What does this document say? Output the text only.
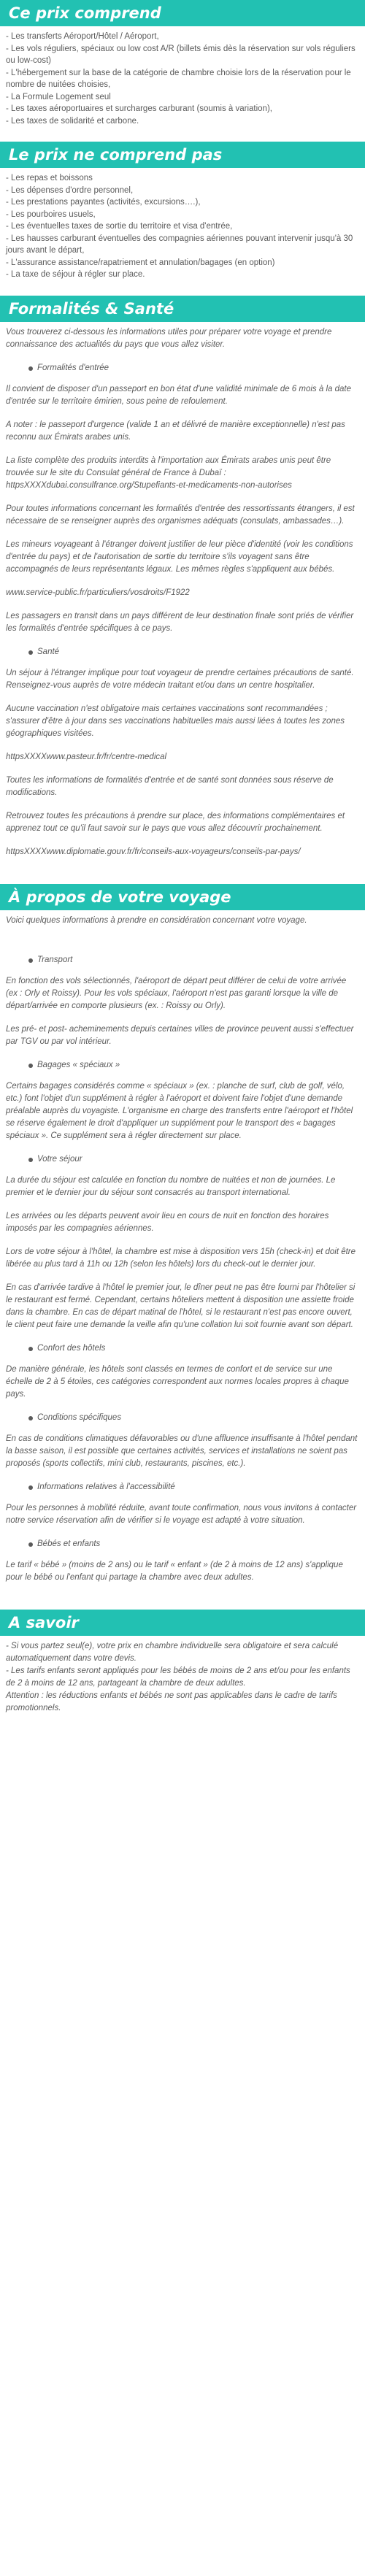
Ce prix comprend

- Les transferts Aéroport/Hôtel / Aéroport,

- Les vols réguliers, spéciaux ou low cost A/R (billets émis dès la réservation sur vols réguliers ou low-cost)

- L'hébergement sur la base de la catégorie de chambre choisie lors de la réservation pour le nombre de nuitées choisies,

- La Formule Logement seul

- Les taxes aéroportuaires et surcharges carburant (soumis à variation),

- Les taxes de solidarité et carbone.

Le prix ne comprend pas

- Les repas et boissons

- Les dépenses d'ordre personnel,

- Les prestations payantes (activités, excursions….),

- Les pourboires usuels,

- Les éventuelles taxes de sortie du territoire et visa d'entrée,

- Les hausses carburant éventuelles des compagnies aériennes pouvant intervenir jusqu'à 30 jours avant le départ,

- L'assurance assistance/rapatriement et annulation/bagages (en option)

- La taxe de séjour à régler sur place.

Formalités & Santé

Vous trouverez ci-dessous les informations utiles pour préparer votre voyage et prendre connaissance des actualités du pays que vous allez visiter.

Formalités d'entrée

Il convient de disposer d'un passeport en bon état d'une validité minimale de 6 mois à la date d'entrée sur le territoire émirien, sous peine de refoulement.

A noter : le passeport d'urgence (valide 1 an et délivré de manière exceptionnelle) n'est pas reconnu aux Émirats arabes unis.

La liste complète des produits interdits à l'importation aux Émirats arabes unis peut être trouvée sur le site du Consulat général de France à Dubaï : httpsXXXXdubai.consulfrance.org/Stupefiants-et-medicaments-non-autorises

Pour toutes informations concernant les formalités d'entrée des ressortissants étrangers, il est nécessaire de se renseigner auprès des organismes adéquats (consulats, ambassades…).

Les mineurs voyageant à l'étranger doivent justifier de leur pièce d'identité (voir les conditions d'entrée du pays) et de l'autorisation de sortie du territoire s'ils voyagent sans être accompagnés de leurs représentants légaux. Les mêmes règles s'appliquent aux bébés.

www.service-public.fr/particuliers/vosdroits/F1922

Les passagers en transit dans un pays différent de leur destination finale sont priés de vérifier les formalités d'entrée spécifiques à ce pays.

Santé

Un séjour à l'étranger implique pour tout voyageur de prendre certaines précautions de santé. Renseignez-vous auprès de votre médecin traitant et/ou dans un centre hospitalier.

Aucune vaccination n'est obligatoire mais certaines vaccinations sont recommandées ; s'assurer d'être à jour dans ses vaccinations habituelles mais aussi liées à toutes les zones géographiques visitées.

httpsXXXXwww.pasteur.fr/fr/centre-medical

Toutes les informations de formalités d'entrée et de santé sont données sous réserve de modifications.

Retrouvez toutes les précautions à prendre sur place, des informations complémentaires et apprenez tout ce qu'il faut savoir sur le pays que vous allez découvrir prochainement.

httpsXXXXwww.diplomatie.gouv.fr/fr/conseils-aux-voyageurs/conseils-par-pays/

À propos de votre voyage

Voici quelques informations à prendre en considération concernant votre voyage.

Transport

En fonction des vols sélectionnés, l'aéroport de départ peut différer de celui de votre arrivée (ex : Orly et Roissy). Pour les vols spéciaux, l'aéroport n'est pas garanti lorsque la ville de départ/arrivée en comporte plusieurs (ex. : Roissy ou Orly).

Les pré- et post- acheminements depuis certaines villes de province peuvent aussi s'effectuer par TGV ou par vol intérieur.

Bagages « spéciaux »

Certains bagages considérés comme « spéciaux » (ex. : planche de surf, club de golf, vélo, etc.) font l'objet d'un supplément à régler à l'aéroport et doivent faire l'objet d'une demande préalable auprès du voyagiste. L'organisme en charge des transferts entre l'aéroport et l'hôtel se réserve également le droit d'appliquer un supplément pour le transport des « bagages spéciaux ». Ce supplément sera à régler directement sur place.

Votre séjour

La durée du séjour est calculée en fonction du nombre de nuitées et non de journées. Le premier et le dernier jour du séjour sont consacrés au transport international.

Les arrivées ou les départs peuvent avoir lieu en cours de nuit en fonction des horaires imposés par les compagnies aériennes.

Lors de votre séjour à l'hôtel, la chambre est mise à disposition vers 15h (check-in) et doit être libérée au plus tard à 11h ou 12h (selon les hôtels) lors du check-out le dernier jour.

En cas d'arrivée tardive à l'hôtel le premier jour, le dîner peut ne pas être fourni par l'hôtelier si le restaurant est fermé. Cependant, certains hôteliers mettent à disposition une assiette froide dans la chambre. En cas de départ matinal de l'hôtel, si le restaurant n'est pas encore ouvert, le client peut faire une demande la veille afin qu'une collation lui soit fournie avant son départ.

Confort des hôtels

De manière générale, les hôtels sont classés en termes de confort et de service sur une échelle de 2 à 5 étoiles, ces catégories correspondent aux normes locales propres à chaque pays.

Conditions spécifiques

En cas de conditions climatiques défavorables ou d'une affluence insuffisante à l'hôtel pendant la basse saison, il est possible que certaines activités, services et installations ne soient pas proposés (sports collectifs, mini club, restaurants, piscines, etc.).

Informations relatives à l'accessibilité

Pour les personnes à mobilité réduite, avant toute confirmation, nous vous invitons à contacter notre service réservation afin de vérifier si le voyage est adapté à votre situation.

Bébés et enfants

Le tarif « bébé » (moins de 2 ans) ou le tarif « enfant » (de 2 à moins de 12 ans) s'applique pour le bébé ou l'enfant qui partage la chambre avec deux adultes.

A savoir

- Si vous partez seul(e), votre prix en chambre individuelle sera obligatoire et sera calculé automatiquement dans votre devis.

- Les tarifs enfants seront appliqués pour les bébés de moins de 2 ans et/ou pour les enfants de 2 à moins de 12 ans, partageant la chambre de deux adultes.

Attention : les réductions enfants et bébés ne sont pas applicables dans le cadre de tarifs promotionnels.
